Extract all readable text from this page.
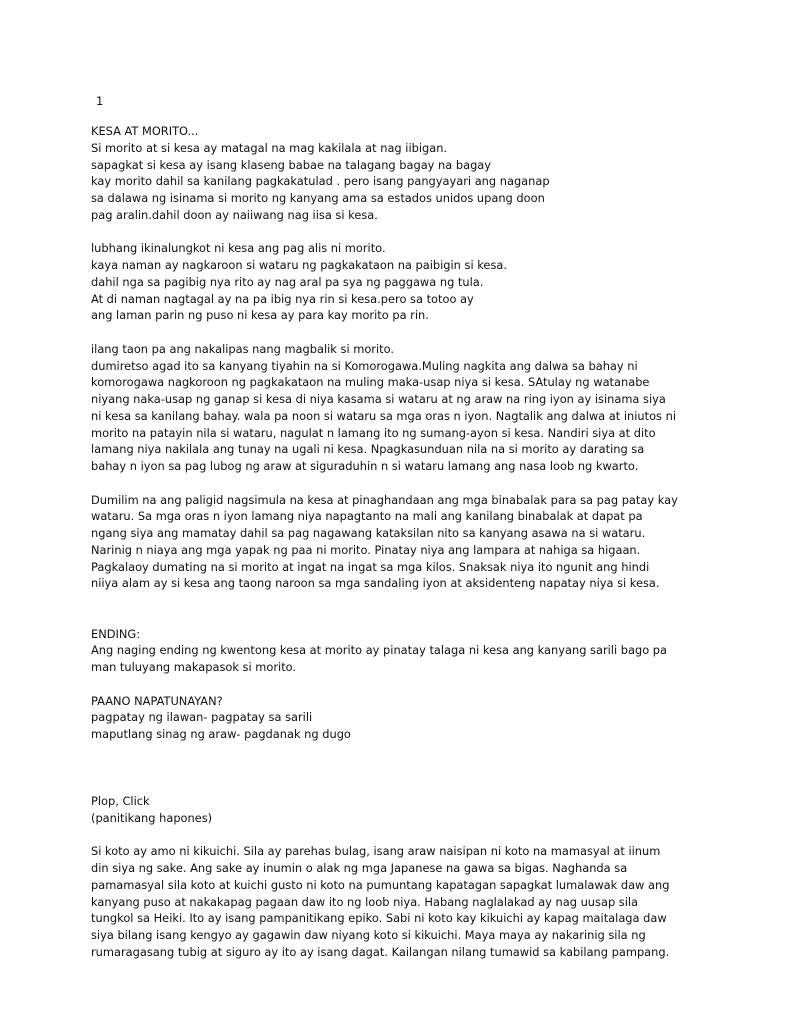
1

KESA AT MORITO...
Si morito at si kesa ay matagal na mag kakilala at nag iibigan.
sapagkat si kesa ay isang klaseng babae na talagang bagay na bagay
kay morito dahil sa kanilang pagkakatulad . pero isang pangyayari ang naganap
sa dalawa ng isinama si morito ng kanyang ama sa estados unidos upang doon
pag aralin.dahil doon ay naiiwang nag iisa si kesa.
lubhang ikinalungkot ni kesa ang pag alis ni morito.
kaya naman ay nagkaroon si wataru ng pagkakataon na paibigin si kesa.
dahil nga sa pagibig nya rito ay nag aral pa sya ng paggawa ng tula.
At di naman nagtagal ay na pa ibig nya rin si kesa.pero sa totoo ay
ang laman parin ng puso ni kesa ay para kay morito pa rin.
ilang taon pa ang nakalipas nang magbalik si morito.
dumiretso agad ito sa kanyang tiyahin na si Komorogawa.Muling nagkita ang dalwa sa bahay ni
komorogawa nagkoroon ng pagkakataon na muling maka-usap niya si kesa. SAtulay ng watanabe
niyang naka-usap ng ganap si kesa di niya kasama si wataru at ng araw na ring iyon ay isinama siya
ni kesa sa kanilang bahay. wala pa noon si wataru sa mga oras n iyon. Nagtalik ang dalwa at iniutos ni
morito na patayin nila si wataru, nagulat n lamang ito ng sumang-ayon si kesa. Nandiri siya at dito
lamang niya nakilala ang tunay na ugali ni kesa. Npagkasunduan nila na si morito ay darating sa
bahay n iyon sa pag lubog ng araw at siguraduhin n si wataru lamang ang nasa loob ng kwarto.
Dumilim na ang paligid nagsimula na kesa at pinaghandaan ang mga binabalak para sa pag patay kay
wataru. Sa mga oras n iyon lamang niya napagtanto na mali ang kanilang binabalak at dapat pa
ngang siya ang mamatay dahil sa pag nagawang kataksilan nito sa kanyang asawa na si wataru.
Narinig n niaya ang mga yapak ng paa ni morito. Pinatay niya ang lampara at nahiga sa higaan.
Pagkalaoy dumating na si morito at ingat na ingat sa mga kilos. Snaksak niya ito ngunit ang hindi
niiya alam ay si kesa ang taong naroon sa mga sandaling iyon at aksidenteng napatay niya si kesa.
ENDING:
Ang naging ending ng kwentong kesa at morito ay pinatay talaga ni kesa ang kanyang sarili bago pa
man tuluyang makapasok si morito.
PAANO NAPATUNAYAN?
pagpatay ng ilawan- pagpatay sa sarili
maputlang sinag ng araw- pagdanak ng dugo
Plop, Click
(panitikang hapones)
Si koto ay amo ni kikuichi. Sila ay parehas bulag, isang araw naisipan ni koto na mamasyal at iinum
din siya ng sake. Ang sake ay inumin o alak ng mga Japanese na gawa sa bigas. Naghanda sa
pamamasyal sila koto at kuichi gusto ni koto na pumuntang kapatagan sapagkat lumalawak daw ang
kanyang puso at nakakapag pagaan daw ito ng loob niya. Habang naglalakad ay nag uusap sila
tungkol sa Heiki. Ito ay isang pampanitikang epiko. Sabi ni koto kay kikuichi ay kapag maitalaga daw
siya bilang isang kengyo ay gagawin daw niyang koto si kikuichi. Maya maya ay nakarinig sila ng
rumaragasang tubig at siguro ay ito ay isang dagat. Kailangan nilang tumawid sa kabilang pampang.
